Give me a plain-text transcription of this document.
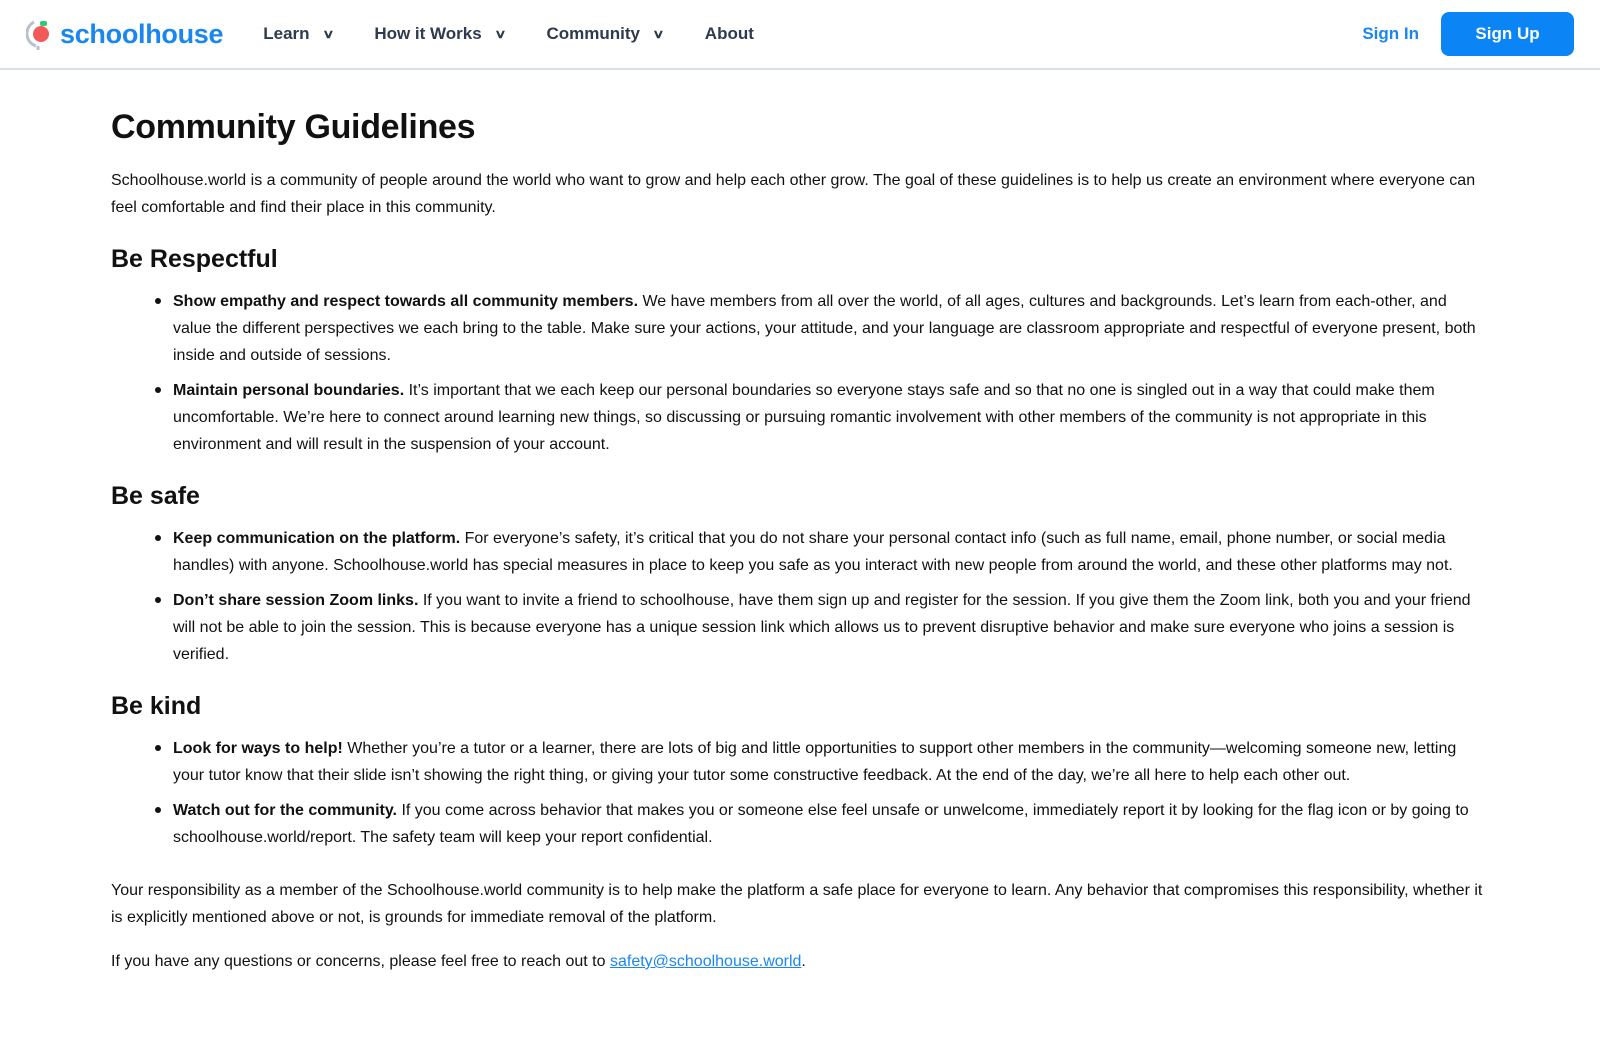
schoolhouse Learn ∨ How it Works ∨ Community ∨ About	Sign In	Sign Up
Community Guidelines

Schoolhouse.world is a community of people around the world who want to grow and help each other grow. The goal of these guidelines is to help us create an environment where everyone can feel comfortable and find their place in this community.

Be Respectful
Show empathy and respect towards all community members. We have members from all over the world, of all ages, cultures and backgrounds. Let’s learn from each-other, and value the different perspectives we each bring to the table. Make sure your actions, your attitude, and your language are classroom appropriate and respectful of everyone present, both inside and outside of sessions.
Maintain personal boundaries. It’s important that we each keep our personal boundaries so everyone stays safe and so that no one is singled out in a way that could make them uncomfortable. We’re here to connect around learning new things, so discussing or pursuing romantic involvement with other members of the community is not appropriate in this environment and will result in the suspension of your account.
Be safe
Keep communication on the platform. For everyone’s safety, it’s critical that you do not share your personal contact info (such as full name, email, phone number, or social media handles) with anyone. Schoolhouse.world has special measures in place to keep you safe as you interact with new people from around the world, and these other platforms may not.
Don’t share session Zoom links. If you want to invite a friend to schoolhouse, have them sign up and register for the session. If you give them the Zoom link, both you and your friend will not be able to join the session. This is because everyone has a unique session link which allows us to prevent disruptive behavior and make sure everyone who joins a session is verified.
Be kind
Look for ways to help! Whether you’re a tutor or a learner, there are lots of big and little opportunities to support other members in the community—welcoming someone new, letting your tutor know that their slide isn’t showing the right thing, or giving your tutor some constructive feedback. At the end of the day, we’re all here to help each other out.
Watch out for the community. If you come across behavior that makes you or someone else feel unsafe or unwelcome, immediately report it by looking for the flag icon or by going to schoolhouse.world/report. The safety team will keep your report confidential.

Your responsibility as a member of the Schoolhouse.world community is to help make the platform a safe place for everyone to learn. Any behavior that compromises this responsibility, whether it is explicitly mentioned above or not, is grounds for immediate removal of the platform.

If you have any questions or concerns, please feel free to reach out to safety@schoolhouse.world.
